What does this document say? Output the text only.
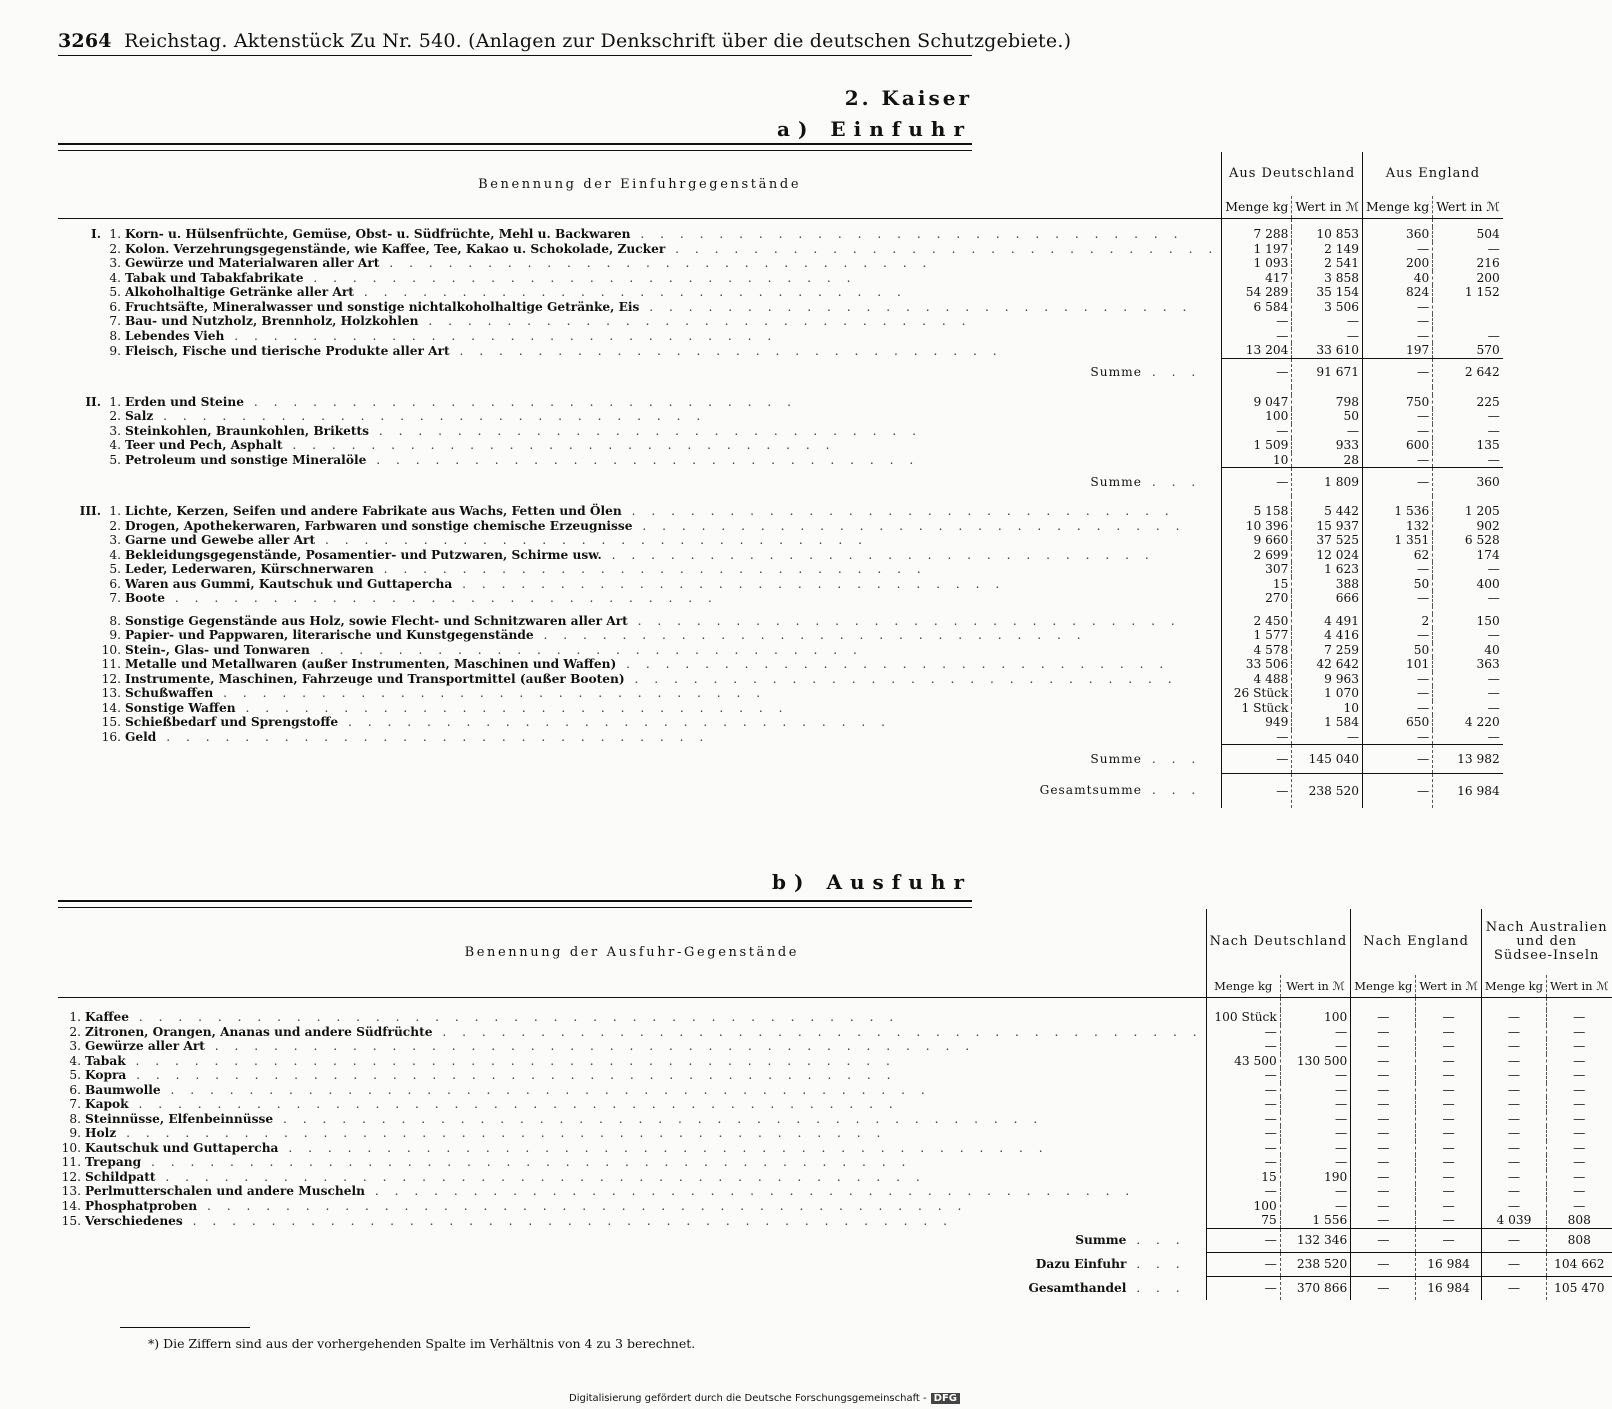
3264 Reichstag. Aktenstück Zu Nr. 540. (Anlagen zur Denkschrift über die deutschen Schutzgebiete.)
2. Kaiser
a) Einfuhr
Benennung der Einfuhrgegenstände	Aus Deutschland		Aus England	
	Menge kg	Wert in ℳ	Menge kg	Wert in ℳ

I. 1. Korn- u. Hülsenfrüchte, Gemüse, Obst- u. Südfrüchte, Mehl u. Backwaren . . . . . . . . . . . . . . . . . . . . . . . . . . . .	7 288	10 853	360	504
2. Kolon. Verzehrungsgegenstände, wie Kaffee, Tee, Kakao u. Schokolade, Zucker . . . . . . . . . . . . . . . . . . . . . . . . . . . .	1 197	2 149	—	—
3. Gewürze und Materialwaren aller Art . . . . . . . . . . . . . . . . . . . . . . . . . . . .	1 093	2 541	200	216
4. Tabak und Tabakfabrikate . . . . . . . . . . . . . . . . . . . . . . . . . . . .	417	3 858	40	200
5. Alkoholhaltige Getränke aller Art . . . . . . . . . . . . . . . . . . . . . . . . . . . .	54 289	35 154	824	1 152
6. Fruchtsäfte, Mineralwasser und sonstige nichtalkoholhaltige Getränke, Eis . . . . . . . . . . . . . . . . . . . . . . . . . . . .	6 584	3 506	—	
7. Bau- und Nutzholz, Brennholz, Holzkohlen . . . . . . . . . . . . . . . . . . . . . . . . . . . .	—	—	—	
8. Lebendes Vieh . . . . . . . . . . . . . . . . . . . . . . . . . . . .	—	—	—	—
9. Fleisch, Fische und tierische Produkte aller Art . . . . . . . . . . . . . . . . . . . . . . . . . . . .	13 204	33 610	197	570
Summe . . .	—	91 671	—	2 642

II. 1. Erden und Steine . . . . . . . . . . . . . . . . . . . . . . . . . . . .	9 047	798	750	225
2. Salz . . . . . . . . . . . . . . . . . . . . . . . . . . . .	100	50	—	—
3. Steinkohlen, Braunkohlen, Briketts . . . . . . . . . . . . . . . . . . . . . . . . . . . .	—	—	—	—
4. Teer und Pech, Asphalt . . . . . . . . . . . . . . . . . . . . . . . . . . . .	1 509	933	600	135
5. Petroleum und sonstige Mineralöle . . . . . . . . . . . . . . . . . . . . . . . . . . . .	10	28	—	—
Summe . . .	—	1 809	—	360

III. 1. Lichte, Kerzen, Seifen und andere Fabrikate aus Wachs, Fetten und Ölen . . . . . . . . . . . . . . . . . . . . . . . . . . . .	5 158	5 442	1 536	1 205
2. Drogen, Apothekerwaren, Farbwaren und sonstige chemische Erzeugnisse . . . . . . . . . . . . . . . . . . . . . . . . . . . .	10 396	15 937	132	902
3. Garne und Gewebe aller Art . . . . . . . . . . . . . . . . . . . . . . . . . . . .	9 660	37 525	1 351	6 528
4. Bekleidungsgegenstände, Posamentier- und Putzwaren, Schirme usw. . . . . . . . . . . . . . . . . . . . . . . . . . . . .	2 699	12 024	62	174
5. Leder, Lederwaren, Kürschnerwaren . . . . . . . . . . . . . . . . . . . . . . . . . . . .	307	1 623	—	—
6. Waren aus Gummi, Kautschuk und Guttapercha . . . . . . . . . . . . . . . . . . . . . . . . . . . .	15	388	50	400
7. Boote . . . . . . . . . . . . . . . . . . . . . . . . . . . .	270	666	—	—

8. Sonstige Gegenstände aus Holz, sowie Flecht- und Schnitzwaren aller Art . . . . . . . . . . . . . . . . . . . . . . . . . . . .	2 450	4 491	2	150
9. Papier- und Pappwaren, literarische und Kunstgegenstände . . . . . . . . . . . . . . . . . . . . . . . . . . . .	1 577	4 416	—	—
10. Stein-, Glas- und Tonwaren . . . . . . . . . . . . . . . . . . . . . . . . . . . .	4 578	7 259	50	40
11. Metalle und Metallwaren (außer Instrumenten, Maschinen und Waffen) . . . . . . . . . . . . . . . . . . . . . . . . . . . .	33 506	42 642	101	363
12. Instrumente, Maschinen, Fahrzeuge und Transportmittel (außer Booten) . . . . . . . . . . . . . . . . . . . . . . . . . . . .	4 488	9 963	—	—
13. Schußwaffen . . . . . . . . . . . . . . . . . . . . . . . . . . . .	26 Stück	1 070	—	—
14. Sonstige Waffen . . . . . . . . . . . . . . . . . . . . . . . . . . . .	1 Stück	10	—	—
15. Schießbedarf und Sprengstoffe . . . . . . . . . . . . . . . . . . . . . . . . . . . .	949	1 584	650	4 220
16. Geld . . . . . . . . . . . . . . . . . . . . . . . . . . . .	—	—	—	—
Summe . . .	—	145 040	—	13 982
Gesamtsumme . . .	—	238 520	—	16 984
b) Ausfuhr
Benennung der Ausfuhr-Gegenstände	Nach Deutschland		Nach England		Nach Australien
und den
Südsee-Inseln	

	Menge kg	Wert in ℳ	Menge kg	Wert in ℳ	Menge kg	Wert in ℳ

1. Kaffee . . . . . . . . . . . . . . . . . . . . . . . . . . . . . . . . . . . . . . .	100 Stück	100	—	—	—	—
2. Zitronen, Orangen, Ananas und andere Südfrüchte . . . . . . . . . . . . . . . . . . . . . . . . . . . . . . . . . . . . . . .	—	—	—	—	—	—
3. Gewürze aller Art . . . . . . . . . . . . . . . . . . . . . . . . . . . . . . . . . . . . . . .	—	—	—	—	—	—
4. Tabak . . . . . . . . . . . . . . . . . . . . . . . . . . . . . . . . . . . . . . .	43 500	130 500	—	—	—	—
5. Kopra . . . . . . . . . . . . . . . . . . . . . . . . . . . . . . . . . . . . . . .	—	—	—	—	—	—
6. Baumwolle . . . . . . . . . . . . . . . . . . . . . . . . . . . . . . . . . . . . . . .	—	—	—	—	—	—
7. Kapok . . . . . . . . . . . . . . . . . . . . . . . . . . . . . . . . . . . . . . .	—	—	—	—	—	—
8. Steinnüsse, Elfenbeinnüsse . . . . . . . . . . . . . . . . . . . . . . . . . . . . . . . . . . . . . . .	—	—	—	—	—	—
9. Holz . . . . . . . . . . . . . . . . . . . . . . . . . . . . . . . . . . . . . . .	—	—	—	—	—	—
10. Kautschuk und Guttapercha . . . . . . . . . . . . . . . . . . . . . . . . . . . . . . . . . . . . . . .	—	—	—	—	—	—
11. Trepang . . . . . . . . . . . . . . . . . . . . . . . . . . . . . . . . . . . . . . .	—	—	—	—	—	—
12. Schildpatt . . . . . . . . . . . . . . . . . . . . . . . . . . . . . . . . . . . . . . .	15	190	—	—	—	—
13. Perlmutterschalen und andere Muscheln . . . . . . . . . . . . . . . . . . . . . . . . . . . . . . . . . . . . . . .	—	—	—	—	—	—
14. Phosphatproben . . . . . . . . . . . . . . . . . . . . . . . . . . . . . . . . . . . . . . .	100	—	—	—	—	—
15. Verschiedenes . . . . . . . . . . . . . . . . . . . . . . . . . . . . . . . . . . . . . . .	75	1 556	—	—	4 039	808
Summe . . .	—	132 346	—	—	—	808
Dazu Einfuhr . . .	—	238 520	—	16 984	—	104 662
Gesamthandel . . .	—	370 866	—	16 984	—	105 470
*) Die Ziffern sind aus der vorhergehenden Spalte im Verhältnis von 4 zu 3 berechnet.
Digitalisierung gefördert durch die Deutsche Forschungsgemeinschaft - DFG
